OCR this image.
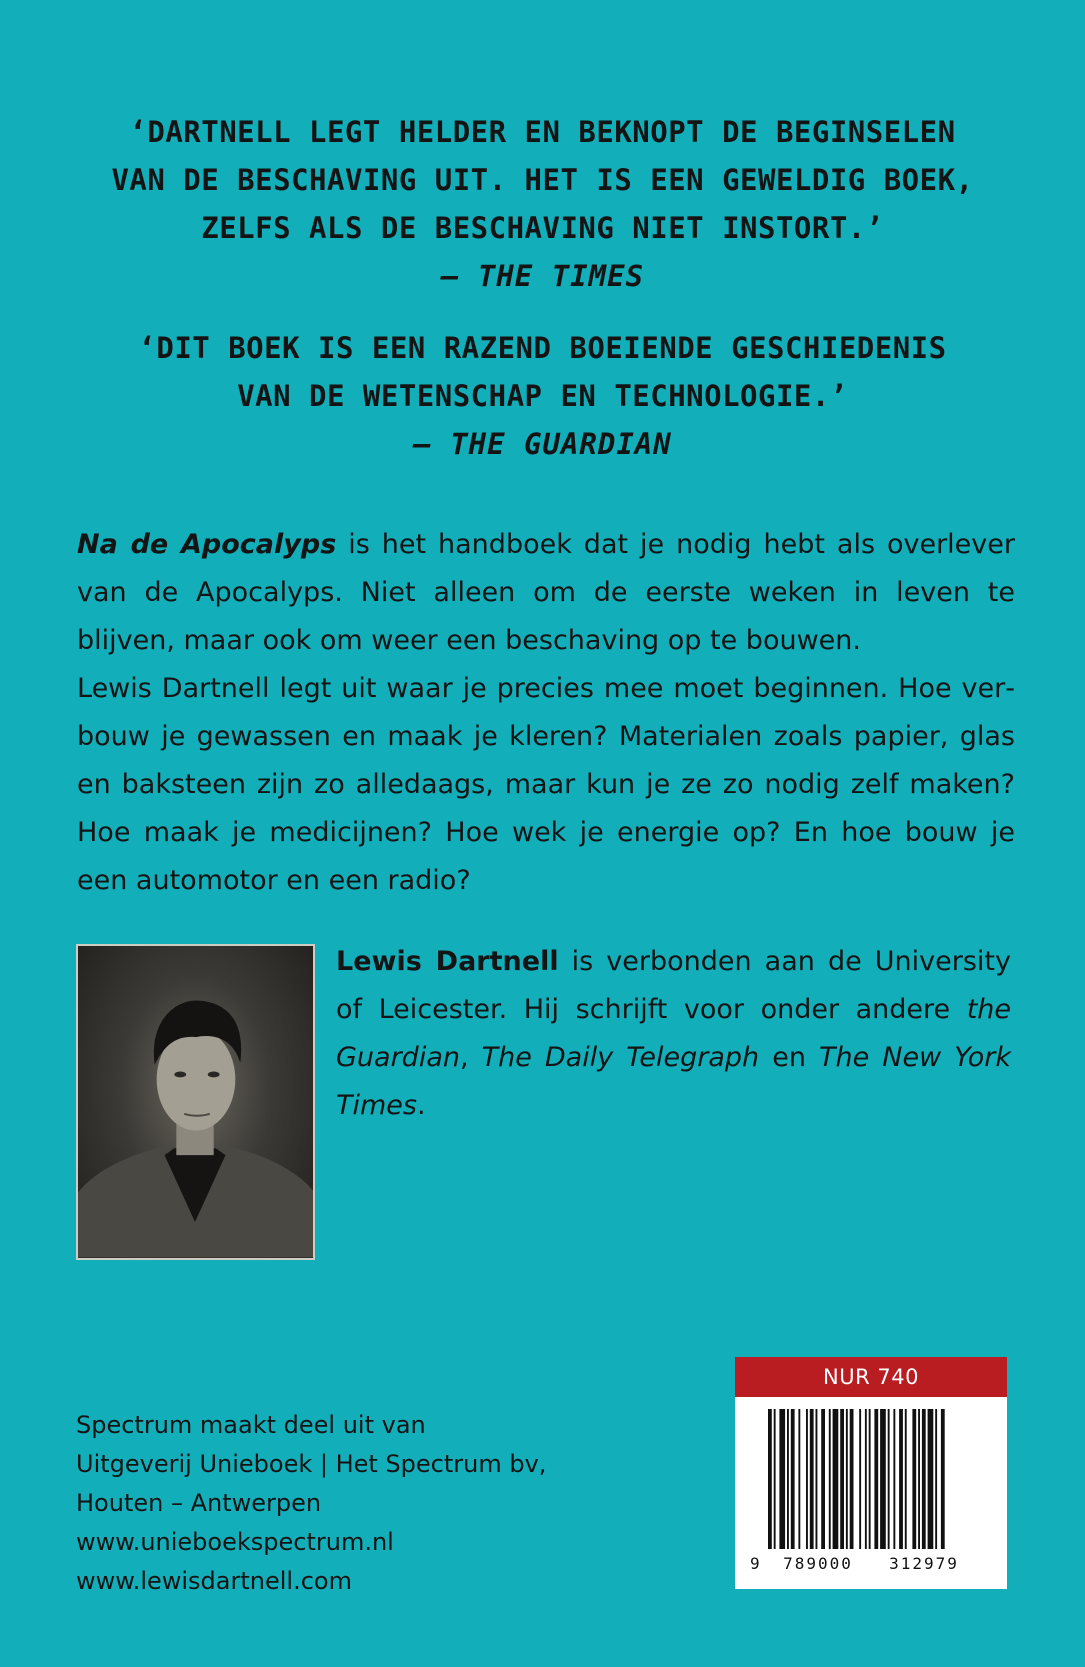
‘DARTNELL LEGT HELDER EN BEKNOPT DE BEGINSELEN
VAN DE BESCHAVING UIT. HET IS EEN GEWELDIG BOEK,
ZELFS ALS DE BESCHAVING NIET INSTORT.’
– THE TIMES
‘DIT BOEK IS EEN RAZEND BOEIENDE GESCHIEDENIS
VAN DE WETENSCHAP EN TECHNOLOGIE.’
– THE GUARDIAN

Na de Apocalyps is het handboek dat je nodig hebt als overlever van de Apocalyps. Niet alleen om de eerste weken in leven te blijven, maar ook om weer een beschaving op te bouwen.

Lewis Dartnell legt uit waar je precies mee moet beginnen. Hoe verbouw je gewassen en maak je kleren? Materialen zoals papier, glas en baksteen zijn zo alledaags, maar kun je ze zo nodig zelf maken? Hoe maak je medicijnen? Hoe wek je energie op? En hoe bouw je een automotor en een radio?

Lewis Dartnell is verbonden aan de University of Leicester. Hij schrijft voor onder andere the Guardian, The Daily Telegraph en The New York Times.

Spectrum maakt deel uit van
Uitgeverij Unieboek | Het Spectrum bv,
Houten – Antwerpen
www.unieboekspectrum.nl
www.lewisdartnell.com
NUR 740
9 789000 312979
